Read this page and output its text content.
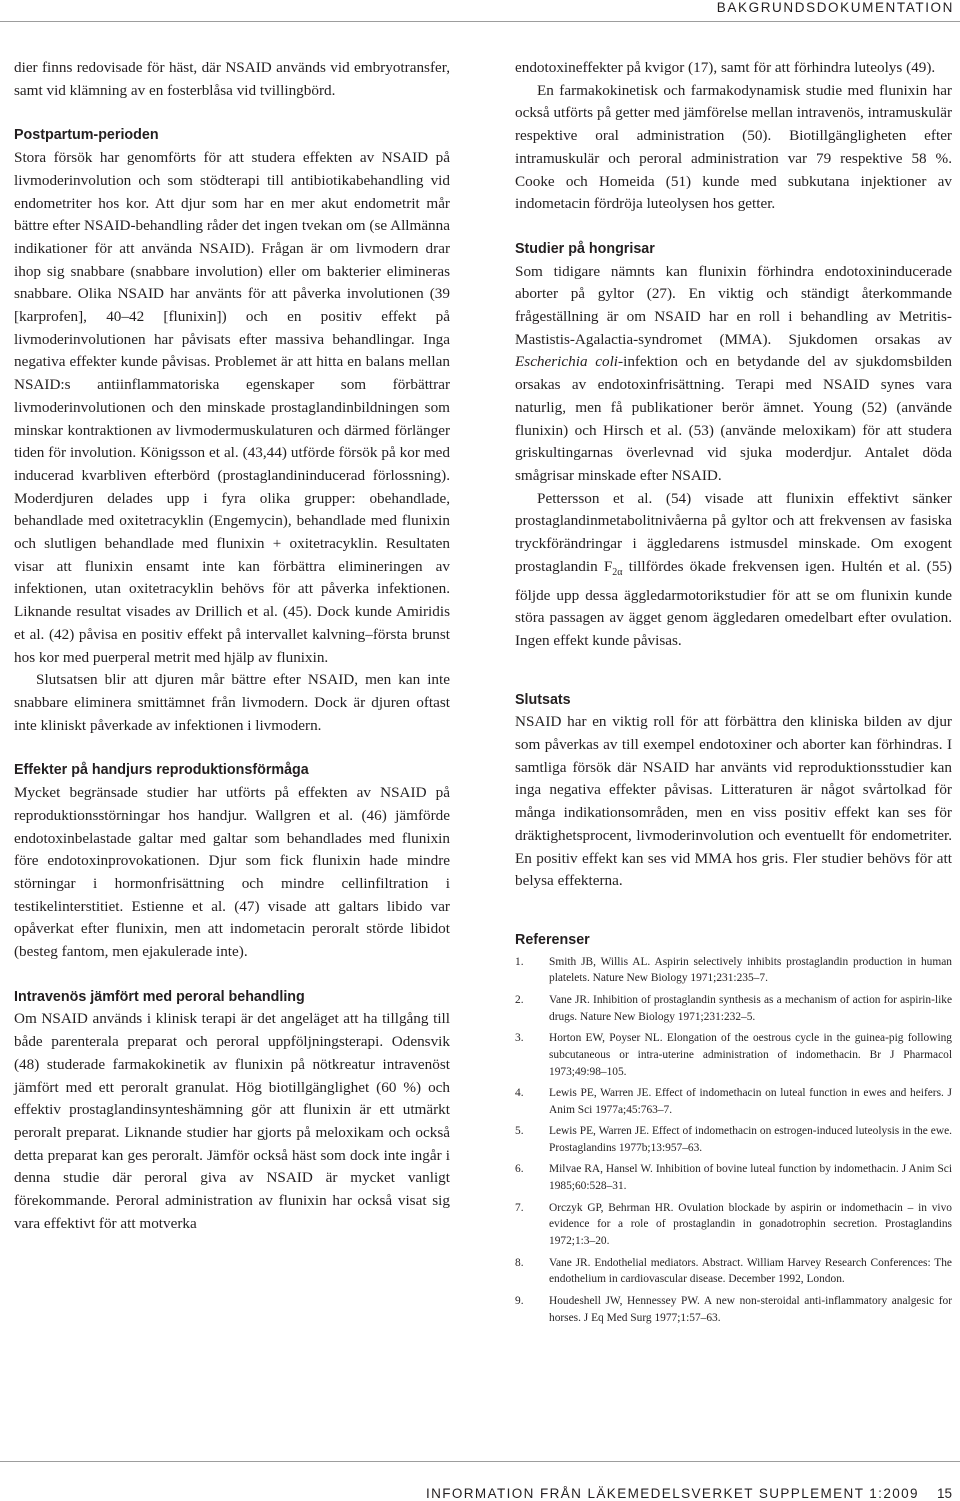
BAKGRUNDSDOKUMENTATION

dier finns redovisade för häst, där NSAID används vid embryotransfer, samt vid klämning av en fosterblåsa vid tvillingbörd.

Postpartum-perioden

Stora försök har genomförts för att studera effekten av NSAID på livmoderinvolution och som stödterapi till antibiotikabehandling vid endometriter hos kor. Att djur som har en mer akut endometrit mår bättre efter NSAID-behandling råder det ingen tvekan om (se Allmänna indikationer för att använda NSAID). Frågan är om livmodern drar ihop sig snabbare (snabbare involution) eller om bakterier elimineras snabbare. Olika NSAID har använts för att påverka involutionen (39 [karprofen], 40–42 [flunixin]) och en positiv effekt på livmoderinvolutionen har påvisats efter massiva behandlingar. Inga negativa effekter kunde påvisas. Problemet är att hitta en balans mellan NSAID:s antiinflammatoriska egenskaper som förbättrar livmoderinvolutionen och den minskade prostaglandinbildningen som minskar kontraktionen av livmodermuskulaturen och därmed förlänger tiden för involution. Königsson et al. (43,44) utförde försök på kor med inducerad kvarbliven efterbörd (prostaglandininducerad förlossning). Moderdjuren delades upp i fyra olika grupper: obehandlade, behandlade med oxitetracyklin (Engemycin), behandlade med flunixin och slutligen behandlade med flunixin + oxitetracyklin. Resultaten visar att flunixin ensamt inte kan förbättra elimineringen av infektionen, utan oxitetracyklin behövs för att påverka infektionen. Liknande resultat visades av Drillich et al. (45). Dock kunde Amiridis et al. (42) påvisa en positiv effekt på intervallet kalvning–första brunst hos kor med puerperal metrit med hjälp av flunixin.

Slutsatsen blir att djuren mår bättre efter NSAID, men kan inte snabbare eliminera smittämnet från livmodern. Dock är djuren oftast inte kliniskt påverkade av infektionen i livmodern.

Effekter på handjurs reproduktionsförmåga

Mycket begränsade studier har utförts på effekten av NSAID på reproduktionsstörningar hos handjur. Wallgren et al. (46) jämförde endotoxinbelastade galtar med galtar som behandlades med flunixin före endotoxinprovokationen. Djur som fick flunixin hade mindre störningar i hormonfrisättning och mindre cellinfiltration i testikelinterstitiet. Estienne et al. (47) visade att galtars libido var opåverkat efter flunixin, men att indometacin peroralt störde libidot (besteg fantom, men ejakulerade inte).

Intravenös jämfört med peroral behandling

Om NSAID används i klinisk terapi är det angeläget att ha tillgång till både parenterala preparat och peroral uppföljningsterapi. Odensvik (48) studerade farmakokinetik av flunixin på nötkreatur intravenöst jämfört med ett peroralt granulat. Hög biotillgänglighet (60 %) och effektiv prostaglandinsynteshämning gör att flunixin är ett utmärkt peroralt preparat. Liknande studier har gjorts på meloxikam och också detta preparat kan ges peroralt. Jämför också häst som dock inte ingår i denna studie där peroral giva av NSAID är mycket vanligt förekommande. Peroral administration av flunixin har också visat sig vara effektivt för att motverka

endotoxineffekter på kvigor (17), samt för att förhindra luteolys (49).

En farmakokinetisk och farmakodynamisk studie med flunixin har också utförts på getter med jämförelse mellan intravenös, intramuskulär respektive oral administration (50). Biotillgängligheten efter intramuskulär och peroral administration var 79 respektive 58 %. Cooke och Homeida (51) kunde med subkutana injektioner av indometacin fördröja luteolysen hos getter.

Studier på hongrisar

Som tidigare nämnts kan flunixin förhindra endotoxininducerade aborter på gyltor (27). En viktig och ständigt återkommande frågeställning är om NSAID har en roll i behandling av Metritis-Mastistis-Agalactia-syndromet (MMA). Sjukdomen orsakas av Escherichia coli-infektion och en betydande del av sjukdomsbilden orsakas av endotoxinfrisättning. Terapi med NSAID synes vara naturlig, men få publikationer berör ämnet. Young (52) (använde flunixin) och Hirsch et al. (53) (använde meloxikam) för att studera griskultingarnas överlevnad vid sjuka moderdjur. Antalet döda smågrisar minskade efter NSAID.

Pettersson et al. (54) visade att flunixin effektivt sänker prostaglandinmetabolitnivåerna på gyltor och att frekvensen av fasiska tryckförändringar i äggledarens istmusdel minskade. Om exogent prostaglandin $F_{2\alpha}$ tillfördes ökade frekvensen igen. Hultén et al. (55) följde upp dessa äggledarmotorikstudier för att se om flunixin kunde störa passagen av ägget genom äggledaren omedelbart efter ovulation. Ingen effekt kunde påvisas.

Slutsats

NSAID har en viktig roll för att förbättra den kliniska bilden av djur som påverkas av till exempel endotoxiner och aborter kan förhindras. I samtliga försök där NSAID har använts vid reproduktionsstudier kan inga negativa effekter påvisas. Litteraturen är något svårtolkad för många indikationsområden, men en viss positiv effekt kan ses för dräktighetsprocent, livmoderinvolution och eventuellt för endometriter. En positiv effekt kan ses vid MMA hos gris. Fler studier behövs för att belysa effekterna.

Referenser
1.	Smith JB, Willis AL. Aspirin selectively inhibits prostaglandin production in human platelets. Nature New Biology 1971;231:235–7.
2.	Vane JR. Inhibition of prostaglandin synthesis as a mechanism of action for aspirin-like drugs. Nature New Biology 1971;231:232–5.
3.	Horton EW, Poyser NL. Elongation of the oestrous cycle in the guinea-pig following subcutaneous or intra-uterine administration of indomethacin. Br J Pharmacol 1973;49:98–105.
4.	Lewis PE, Warren JE. Effect of indomethacin on luteal function in ewes and heifers. J Anim Sci 1977a;45:763–7.
5.	Lewis PE, Warren JE. Effect of indomethacin on estrogen-induced luteolysis in the ewe. Prostaglandins 1977b;13:957–63.
6.	Milvae RA, Hansel W. Inhibition of bovine luteal function by indomethacin. J Anim Sci 1985;60:528–31.
7.	Orczyk GP, Behrman HR. Ovulation blockade by aspirin or indomethacin – in vivo evidence for a role of prostaglandin in gonadotrophin secretion. Prostaglandins 1972;1:3–20.
8.	Vane JR. Endothelial mediators. Abstract. William Harvey Research Conferences: The endothelium in cardiovascular disease. December 1992, London.
9.	Houdeshell JW, Hennessey PW. A new non-steroidal anti-inflammatory analgesic for horses. J Eq Med Surg 1977;1:57–63.
INFORMATION FRÅN LÄKEMEDELSVERKET SUPPLEMENT 1:2009 15
